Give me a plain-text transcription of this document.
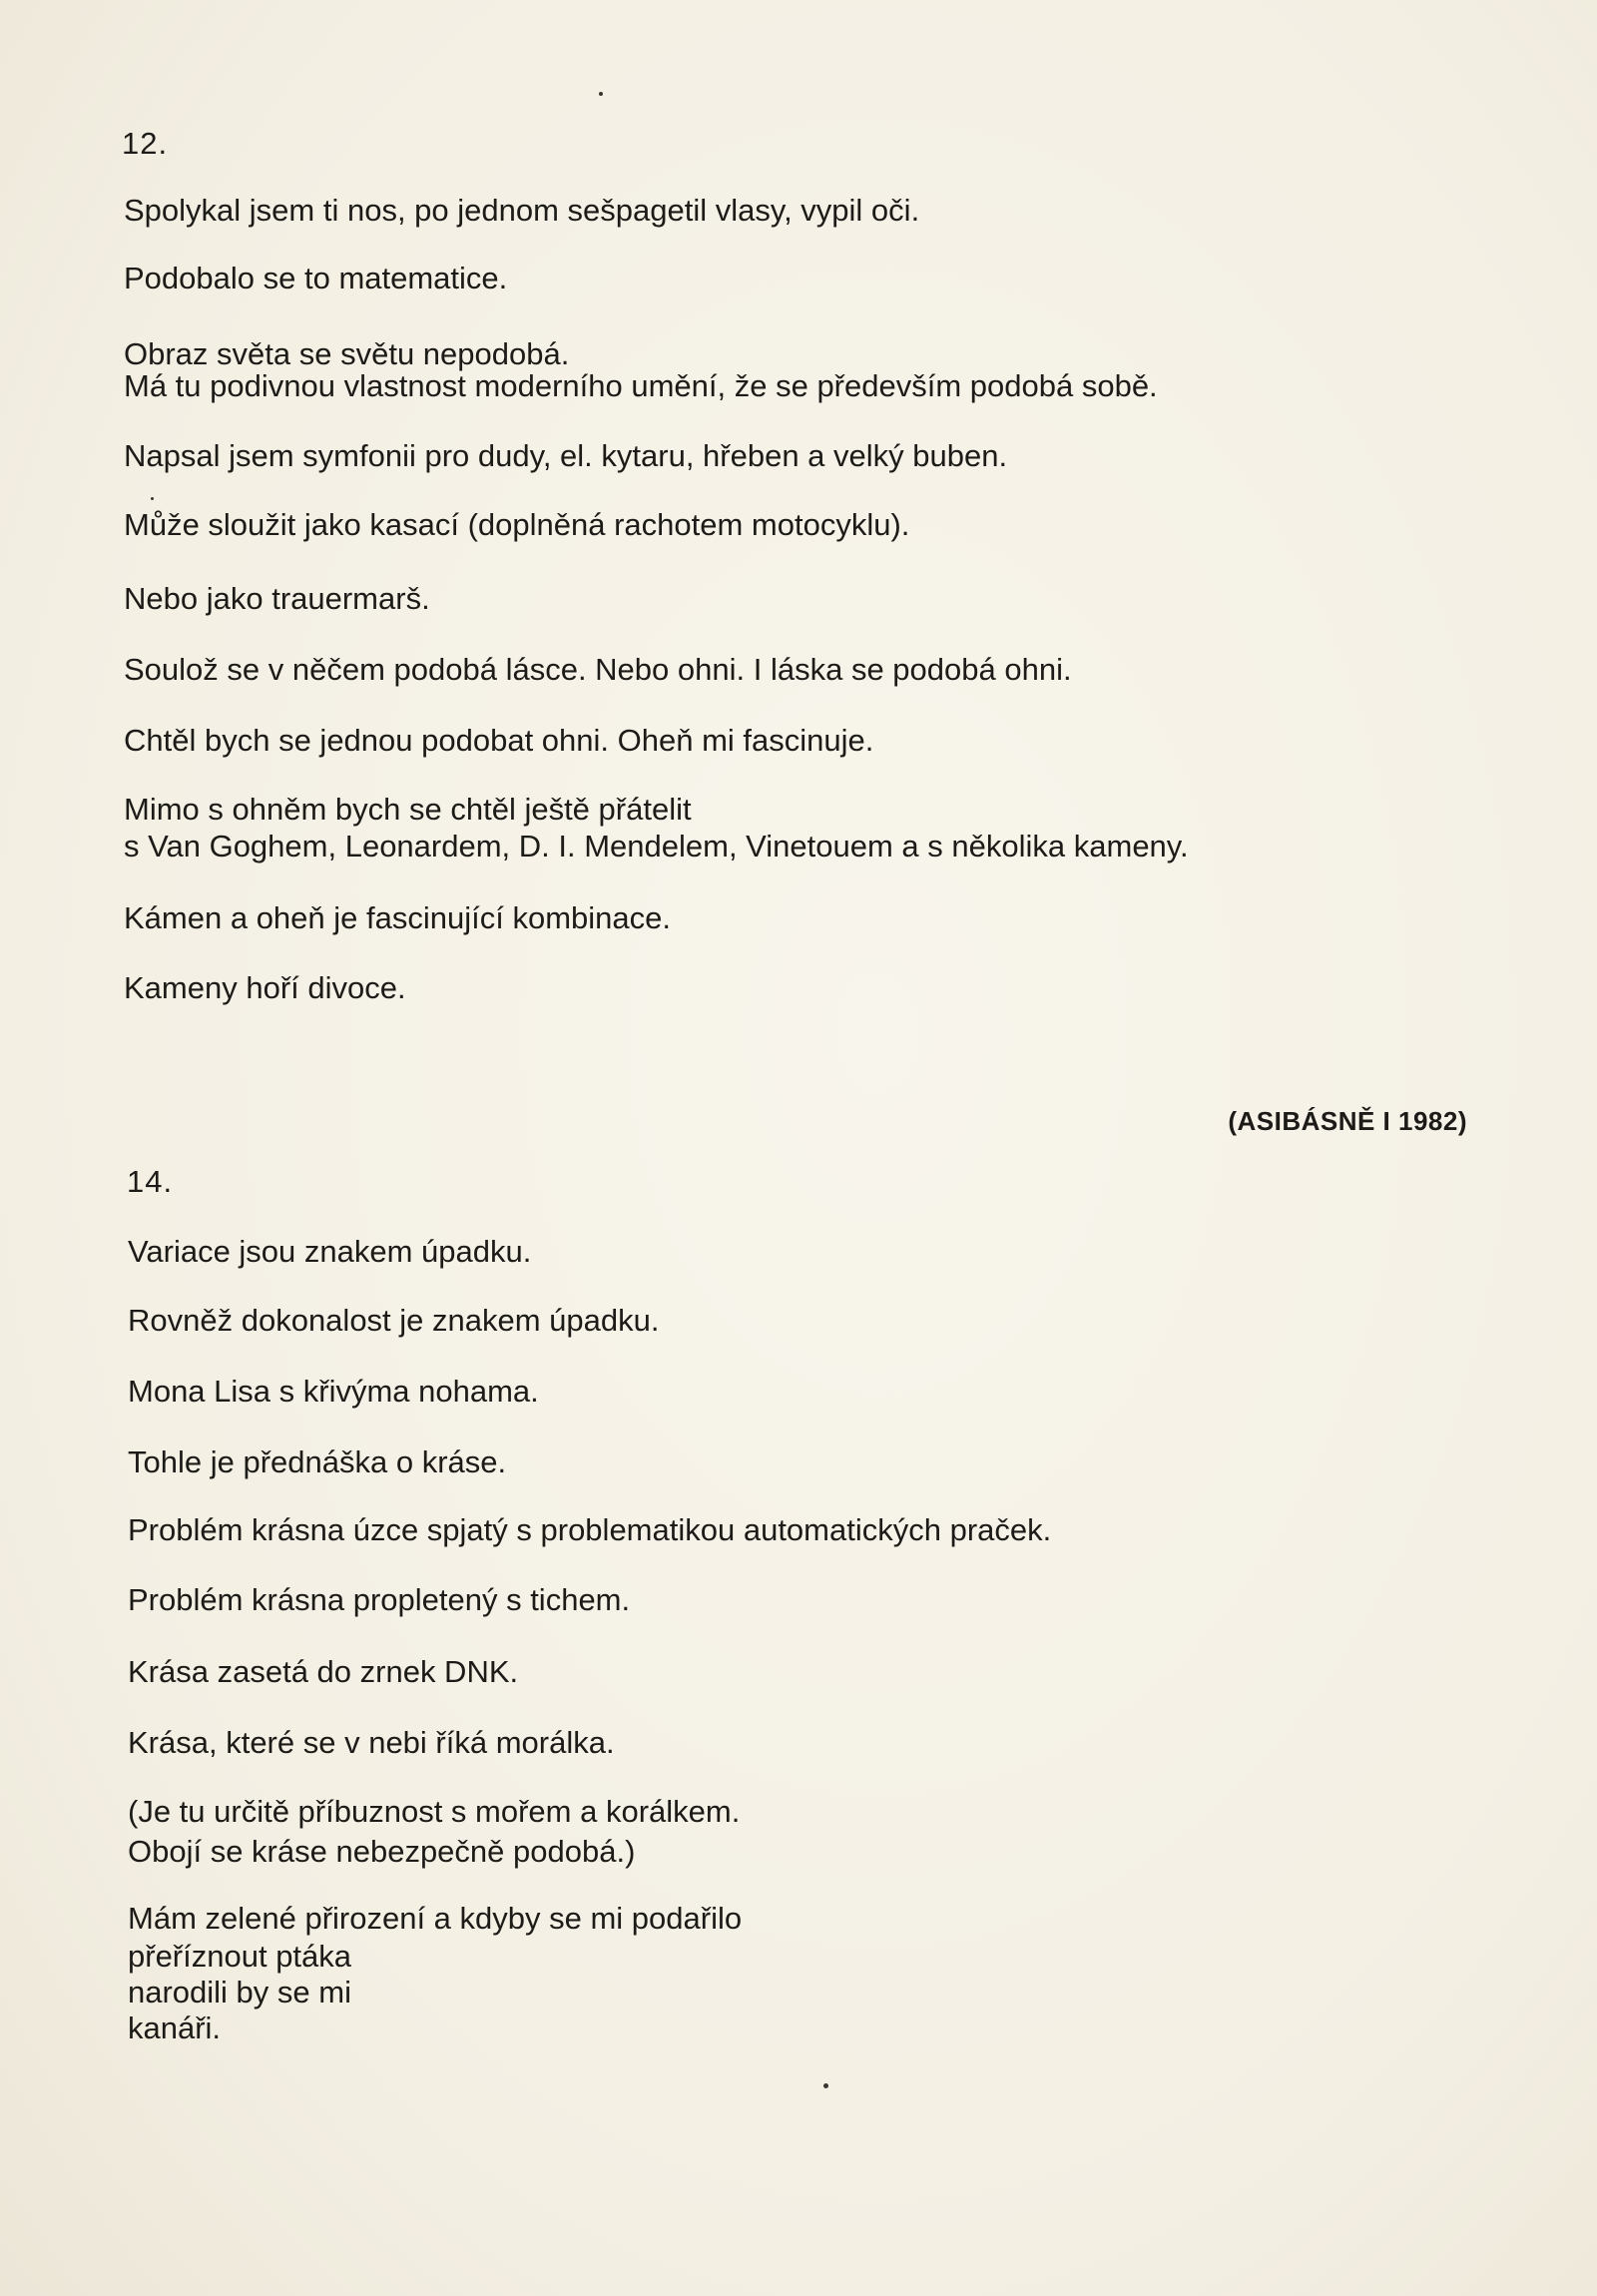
12.
Spolykal jsem ti nos, po jednom sešpagetil vlasy, vypil oči.
Podobalo se to matematice.
Obraz světa se světu nepodobá.
Má tu podivnou vlastnost moderního umění, že se především podobá sobě.
Napsal jsem symfonii pro dudy, el. kytaru, hřeben a velký buben.
Může sloužit jako kasací (doplněná rachotem motocyklu).
Nebo jako trauermarš.
Soulož se v něčem podobá lásce. Nebo ohni. I láska se podobá ohni.
Chtěl bych se jednou podobat ohni. Oheň mi fascinuje.
Mimo s ohněm bych se chtěl ještě přátelit
s Van Goghem, Leonardem, D. I. Mendelem, Vinetouem a s několika kameny.
Kámen a oheň je fascinující kombinace.
Kameny hoří divoce.
(ASIBÁSNĚ I 1982)
14.
Variace jsou znakem úpadku.
Rovněž dokonalost je znakem úpadku.
Mona Lisa s křivýma nohama.
Tohle je přednáška o kráse.
Problém krásna úzce spjatý s problematikou automatických praček.
Problém krásna propletený s tichem.
Krása zasetá do zrnek DNK.
Krása, které se v nebi říká morálka.
(Je tu určitě příbuznost s mořem a korálkem.
Obojí se kráse nebezpečně podobá.)
Mám zelené přirození a kdyby se mi podařilo
přeříznout ptáka
narodili by se mi
kanáři.
